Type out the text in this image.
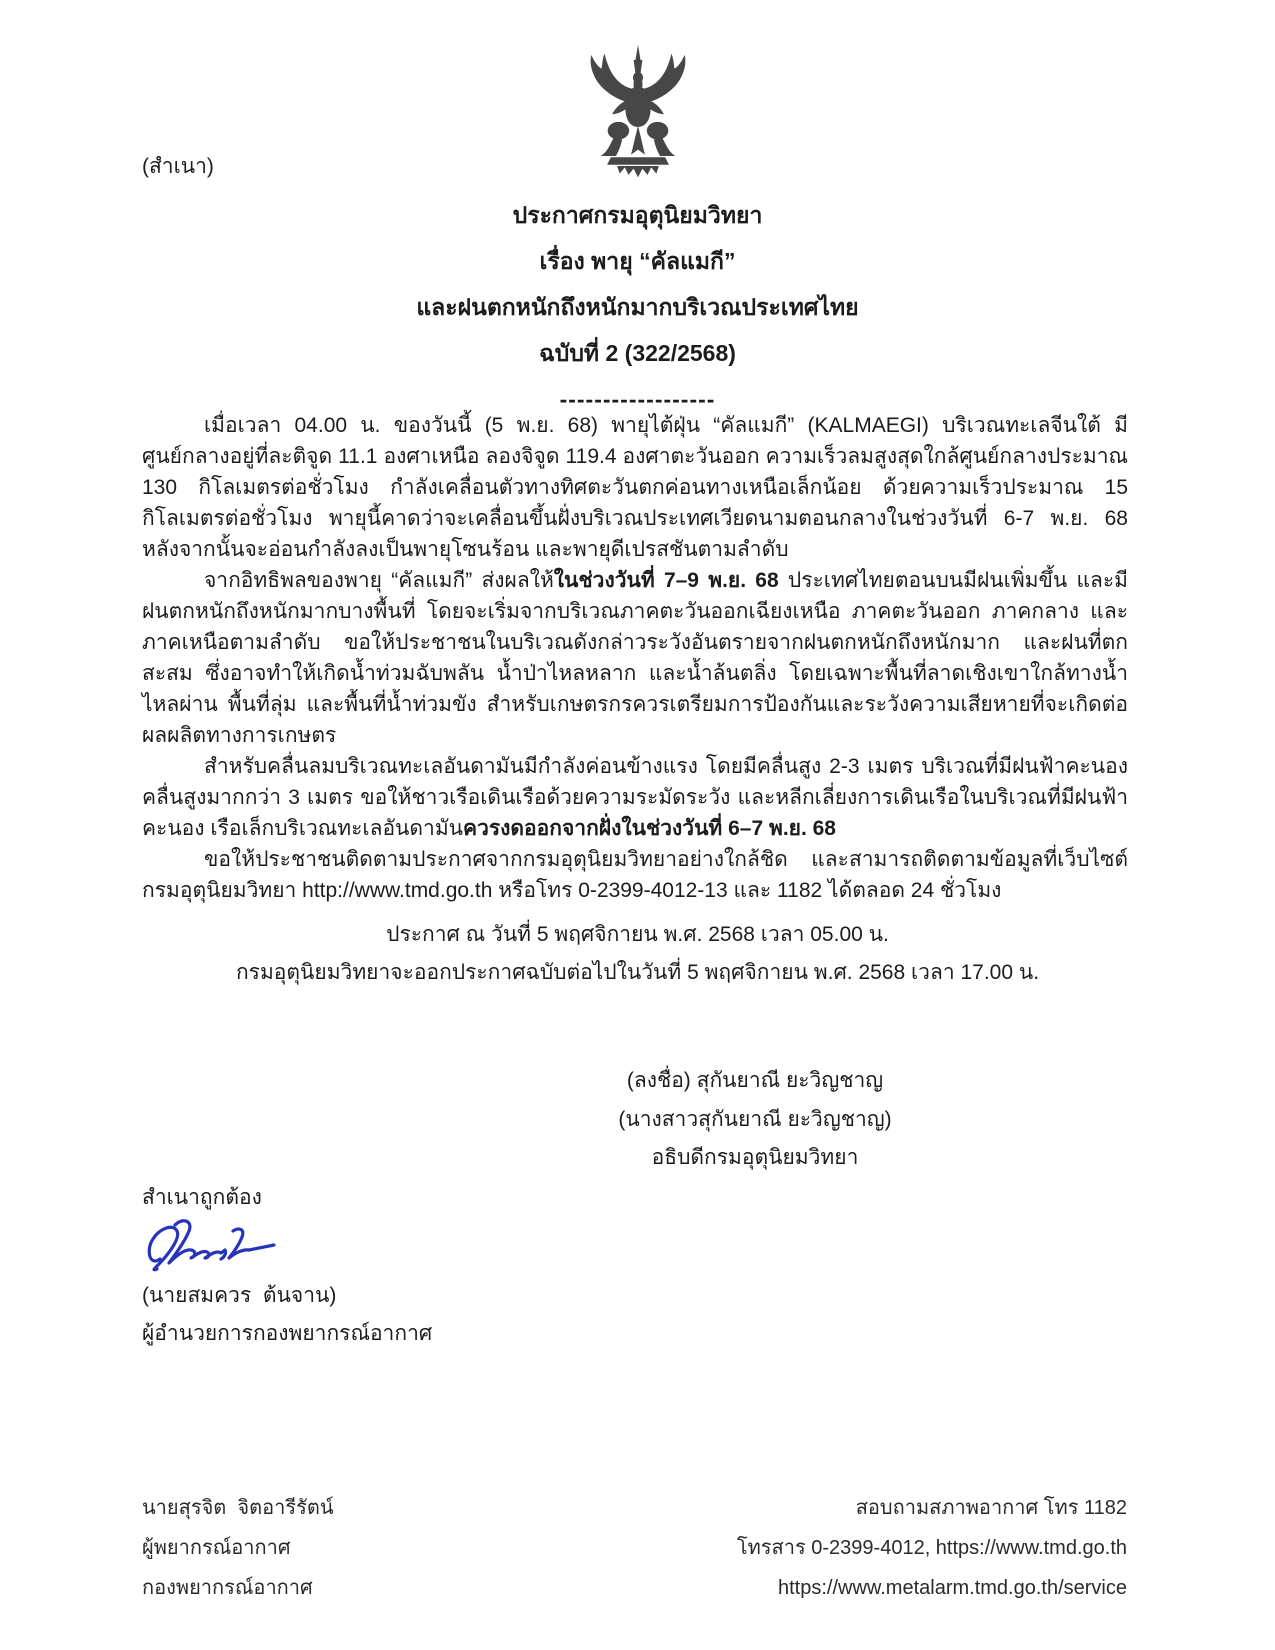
(สำเนา)
ประกาศกรมอุตุนิยมวิทยา
เรื่อง พายุ “คัลแมกี”
และฝนตกหนักถึงหนักมากบริเวณประเทศไทย
ฉบับที่ 2 (322/2568)
------------------

เมื่อเวลา 04.00 น. ของวันนี้ (5 พ.ย. 68) พายุไต้ฝุ่น “คัลแมกี” (KALMAEGI) บริเวณทะเลจีนใต้ มีศูนย์กลางอยู่ที่ละติจูด 11.1 องศาเหนือ ลองจิจูด 119.4 องศาตะวันออก ความเร็วลมสูงสุดใกล้ศูนย์กลางประมาณ 130 กิโลเมตรต่อชั่วโมง กำลังเคลื่อนตัวทางทิศตะวันตกค่อนทางเหนือเล็กน้อย ด้วยความเร็วประมาณ 15 กิโลเมตรต่อชั่วโมง พายุนี้คาดว่าจะเคลื่อนขึ้นฝั่งบริเวณประเทศเวียดนามตอนกลางในช่วงวันที่ 6-7 พ.ย. 68 หลังจากนั้นจะอ่อนกำลังลงเป็นพายุโซนร้อน และพายุดีเปรสชันตามลำดับ

จากอิทธิพลของพายุ “คัลแมกี” ส่งผลให้ในช่วงวันที่ 7–9 พ.ย. 68 ประเทศไทยตอนบนมีฝนเพิ่มขึ้น และมีฝนตกหนักถึงหนักมากบางพื้นที่ โดยจะเริ่มจากบริเวณภาคตะวันออกเฉียงเหนือ ภาคตะวันออก ภาคกลาง และภาคเหนือตามลำดับ ขอให้ประชาชนในบริเวณดังกล่าวระวังอันตรายจากฝนตกหนักถึงหนักมาก และฝนที่ตกสะสม ซึ่งอาจทำให้เกิดน้ำท่วมฉับพลัน น้ำป่าไหลหลาก และน้ำล้นตลิ่ง โดยเฉพาะพื้นที่ลาดเชิงเขาใกล้ทางน้ำไหลผ่าน พื้นที่ลุ่ม และพื้นที่น้ำท่วมขัง สำหรับเกษตรกรควรเตรียมการป้องกันและระวังความเสียหายที่จะเกิดต่อผลผลิตทางการเกษตร

สำหรับคลื่นลมบริเวณทะเลอันดามันมีกำลังค่อนข้างแรง โดยมีคลื่นสูง 2-3 เมตร บริเวณที่มีฝนฟ้าคะนองคลื่นสูงมากกว่า 3 เมตร ขอให้ชาวเรือเดินเรือด้วยความระมัดระวัง และหลีกเลี่ยงการเดินเรือในบริเวณที่มีฝนฟ้าคะนอง เรือเล็กบริเวณทะเลอันดามันควรงดออกจากฝั่งในช่วงวันที่ 6–7 พ.ย. 68

ขอให้ประชาชนติดตามประกาศจากกรมอุตุนิยมวิทยาอย่างใกล้ชิด และสามารถติดตามข้อมูลที่เว็บไซต์ กรมอุตุนิยมวิทยา http://www.tmd.go.th หรือโทร 0-2399-4012-13 และ 1182 ได้ตลอด 24 ชั่วโมง

ประกาศ ณ วันที่ 5 พฤศจิกายน พ.ศ. 2568 เวลา 05.00 น.
กรมอุตุนิยมวิทยาจะออกประกาศฉบับต่อไปในวันที่ 5 พฤศจิกายน พ.ศ. 2568 เวลา 17.00 น.
(ลงชื่อ) สุกันยาณี ยะวิญชาญ
(นางสาวสุกันยาณี ยะวิญชาญ)
อธิบดีกรมอุตุนิยมวิทยา
สำเนาถูกต้อง
(นายสมควร  ต้นจาน)
ผู้อำนวยการกองพยากรณ์อากาศ
นายสุรจิต  จิตอารีรัตน์
ผู้พยากรณ์อากาศ
กองพยากรณ์อากาศ
สอบถามสภาพอากาศ โทร 1182
โทรสาร 0-2399-4012, https://www.tmd.go.th
https://www.metalarm.tmd.go.th/service
